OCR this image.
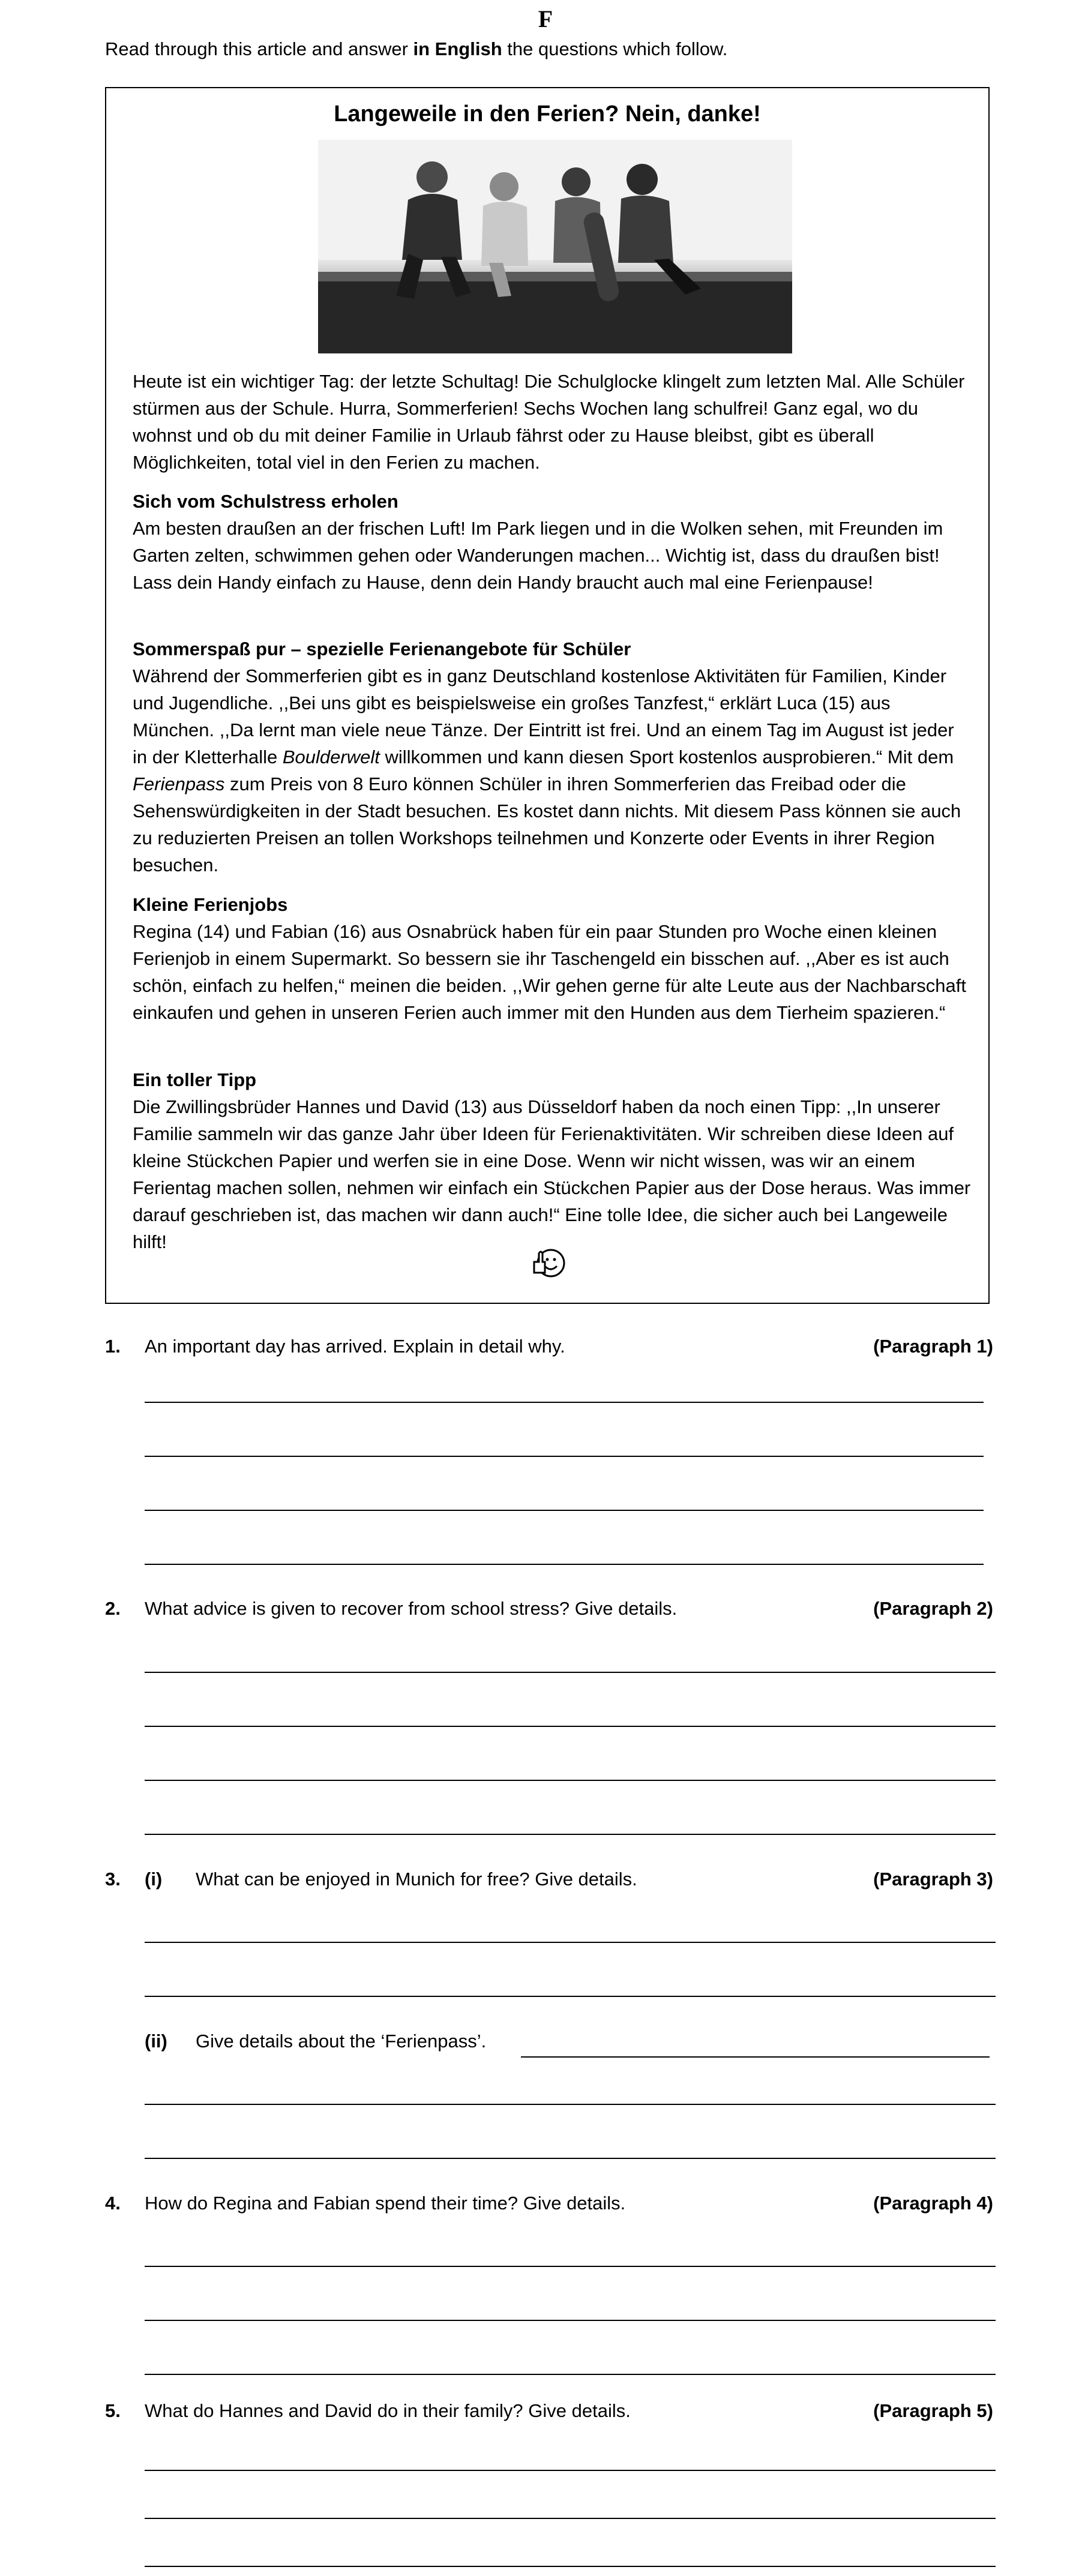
F
Read through this article and answer in English the questions which follow.
Langeweile in den Ferien? Nein, danke!

Heute ist ein wichtiger Tag: der letzte Schultag! Die Schulglocke klingelt zum letzten Mal. Alle Schüler stürmen aus der Schule. Hurra, Sommerferien! Sechs Wochen lang schulfrei! Ganz egal, wo du wohnst und ob du mit deiner Familie in Urlaub fährst oder zu Hause bleibst, gibt es überall Möglichkeiten, total viel in den Ferien zu machen.

Sich vom Schulstress erholen

Am besten draußen an der frischen Luft! Im Park liegen und in die Wolken sehen, mit Freunden im Garten zelten, schwimmen gehen oder Wanderungen machen... Wichtig ist, dass du draußen bist! Lass dein Handy einfach zu Hause, denn dein Handy braucht auch mal eine Ferienpause!

Sommerspaß pur – spezielle Ferienangebote für Schüler

Während der Sommerferien gibt es in ganz Deutschland kostenlose Aktivitäten für Familien, Kinder und Jugendliche. ,,Bei uns gibt es beispielsweise ein großes Tanzfest,“ erklärt Luca (15) aus München. ,,Da lernt man viele neue Tänze. Der Eintritt ist frei. Und an einem Tag im August ist jeder in der Kletterhalle Boulderwelt willkommen und kann diesen Sport kostenlos ausprobieren.“ Mit dem Ferienpass zum Preis von 8 Euro können Schüler in ihren Sommerferien das Freibad oder die Sehenswürdigkeiten in der Stadt besuchen. Es kostet dann nichts. Mit diesem Pass können sie auch zu reduzierten Preisen an tollen Workshops teilnehmen und Konzerte oder Events in ihrer Region besuchen.

Kleine Ferienjobs

Regina (14) und Fabian (16) aus Osnabrück haben für ein paar Stunden pro Woche einen kleinen Ferienjob in einem Supermarkt. So bessern sie ihr Taschengeld ein bisschen auf. ,,Aber es ist auch schön, einfach zu helfen,“ meinen die beiden. ,,Wir gehen gerne für alte Leute aus der Nachbarschaft einkaufen und gehen in unseren Ferien auch immer mit den Hunden aus dem Tierheim spazieren.“

Ein toller Tipp

Die Zwillingsbrüder Hannes und David (13) aus Düsseldorf haben da noch einen Tipp: ,,In unserer Familie sammeln wir das ganze Jahr über Ideen für Ferienaktivitäten. Wir schreiben diese Ideen auf kleine Stückchen Papier und werfen sie in eine Dose. Wenn wir nicht wissen, was wir an einem Ferientag machen sollen, nehmen wir einfach ein Stückchen Papier aus der Dose heraus. Was immer darauf geschrieben ist, das machen wir dann auch!“ Eine tolle Idee, die sicher auch bei Langeweile hilft!

1. An important day has arrived. Explain in detail why.	(Paragraph 1)
2. What advice is given to recover from school stress? Give details.	(Paragraph 2)
3. (i) What can be enjoyed in Munich for free? Give details.	(Paragraph 3)
(ii) Give details about the ‘Ferienpass’.
4. How do Regina and Fabian spend their time? Give details.	(Paragraph 4)
5. What do Hannes and David do in their family? Give details.	(Paragraph 5)
